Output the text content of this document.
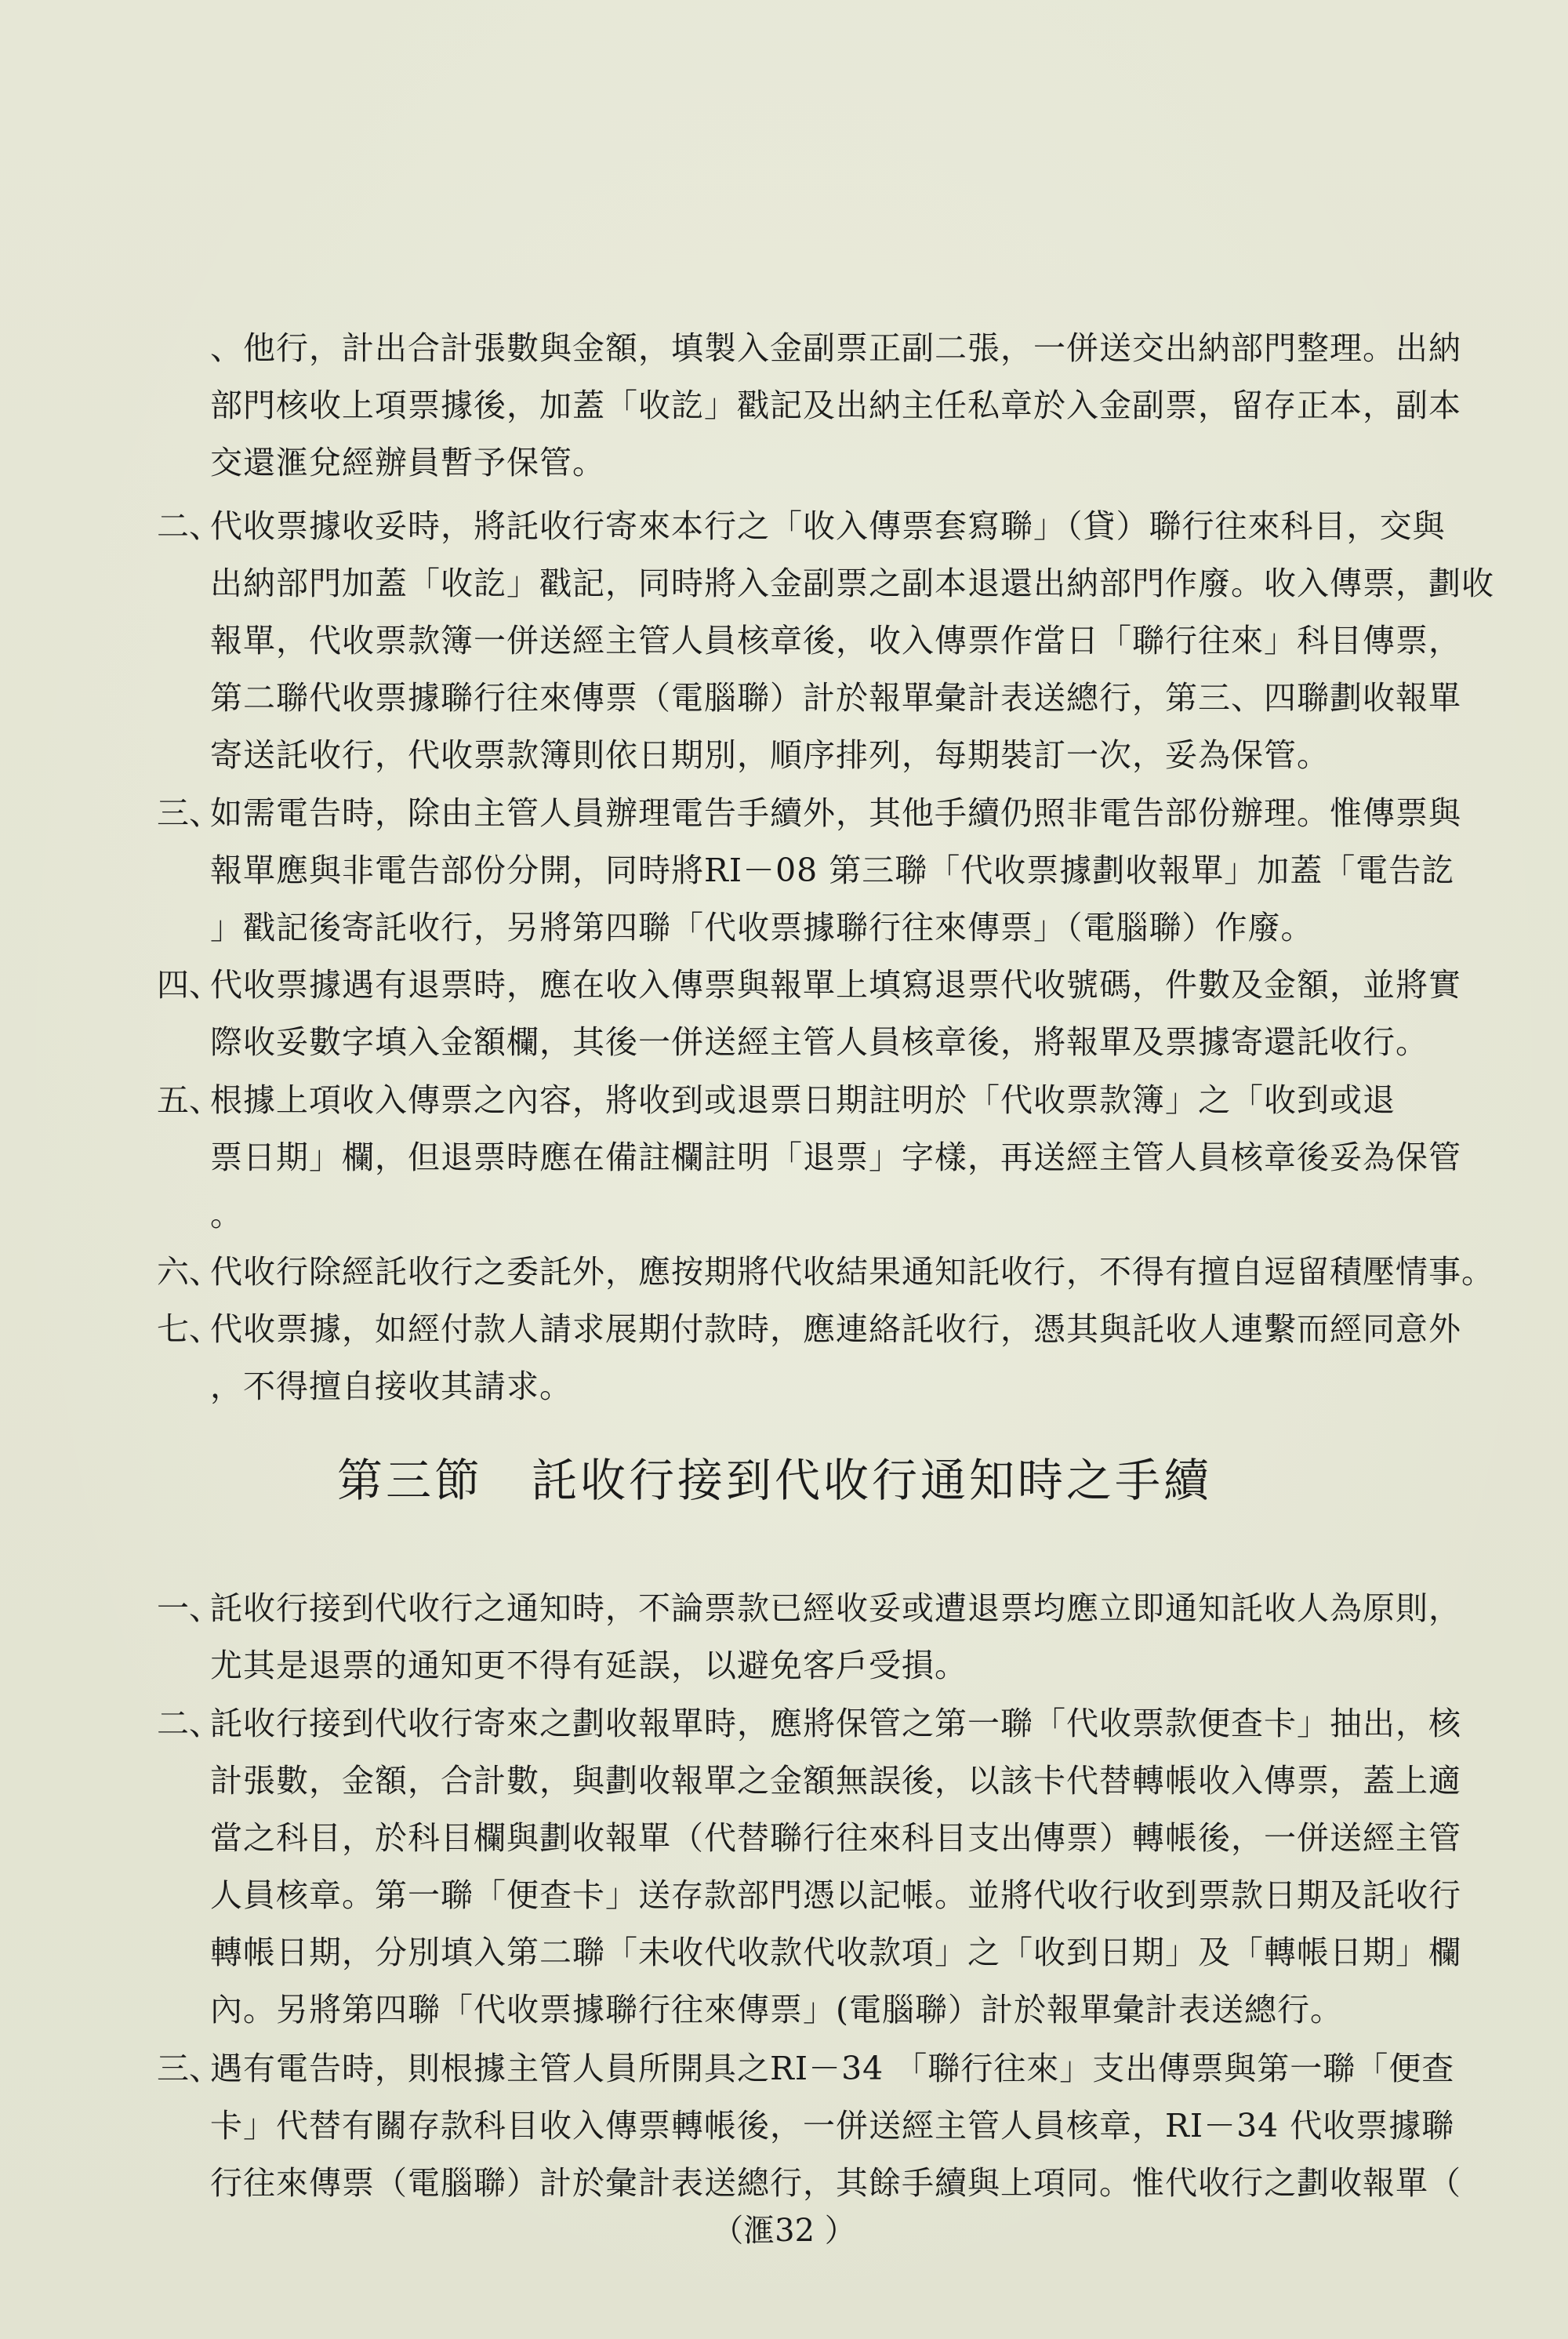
、他行，計出合計張數與金額，填製入金副票正副二張，一併送交出納部門整理。出納
部門核收上項票據後，加蓋「收訖」戳記及出納主任私章於入金副票，留存正本，副本
交還滙兌經辦員暫予保管。
二、
代收票據收妥時，將託收行寄來本行之「收入傳票套寫聯」（貸）聯行往來科目，交與
出納部門加蓋「收訖」戳記，同時將入金副票之副本退還出納部門作廢。收入傳票，劃收
報單，代收票款簿一併送經主管人員核章後，收入傳票作當日「聯行往來」科目傳票，
第二聯代收票據聯行往來傳票（電腦聯）計於報單彙計表送總行，第三、四聯劃收報單
寄送託收行，代收票款簿則依日期別，順序排列，每期裝訂一次，妥為保管。
三、
如需電告時，除由主管人員辦理電告手續外，其他手續仍照非電告部份辦理。惟傳票與
報單應與非電告部份分開，同時將RI－08 第三聯「代收票據劃收報單」加蓋「電告訖
」戳記後寄託收行，另將第四聯「代收票據聯行往來傳票」（電腦聯）作廢。
四、
代收票據遇有退票時，應在收入傳票與報單上填寫退票代收號碼，件數及金額，並將實
際收妥數字填入金額欄，其後一併送經主管人員核章後，將報單及票據寄還託收行。
五、
根據上項收入傳票之內容，將收到或退票日期註明於「代收票款簿」之「收到或退
票日期」欄，但退票時應在備註欄註明「退票」字樣，再送經主管人員核章後妥為保管
。
六、
代收行除經託收行之委託外，應按期將代收結果通知託收行，不得有擅自逗留積壓情事。
七、
代收票據，如經付款人請求展期付款時，應連絡託收行，憑其與託收人連繫而經同意外
，不得擅自接收其請求。
第三節　託收行接到代收行通知時之手續
一、
託收行接到代收行之通知時，不論票款已經收妥或遭退票均應立即通知託收人為原則，
尤其是退票的通知更不得有延誤，以避免客戶受損。
二、
託收行接到代收行寄來之劃收報單時，應將保管之第一聯「代收票款便查卡」抽出，核
計張數，金額，合計數，與劃收報單之金額無誤後，以該卡代替轉帳收入傳票，蓋上適
當之科目，於科目欄與劃收報單（代替聯行往來科目支出傳票）轉帳後，一併送經主管
人員核章。第一聯「便查卡」送存款部門憑以記帳。並將代收行收到票款日期及託收行
轉帳日期，分別填入第二聯「未收代收款代收款項」之「收到日期」及「轉帳日期」欄
內。另將第四聯「代收票據聯行往來傳票」(電腦聯）計於報單彙計表送總行。
三、
遇有電告時，則根據主管人員所開具之RI－34 「聯行往來」支出傳票與第一聯「便查
卡」代替有關存款科目收入傳票轉帳後，一併送經主管人員核章，RI－34 代收票據聯
行往來傳票（電腦聯）計於彙計表送總行，其餘手續與上項同。惟代收行之劃收報單（
（滙32 ）
